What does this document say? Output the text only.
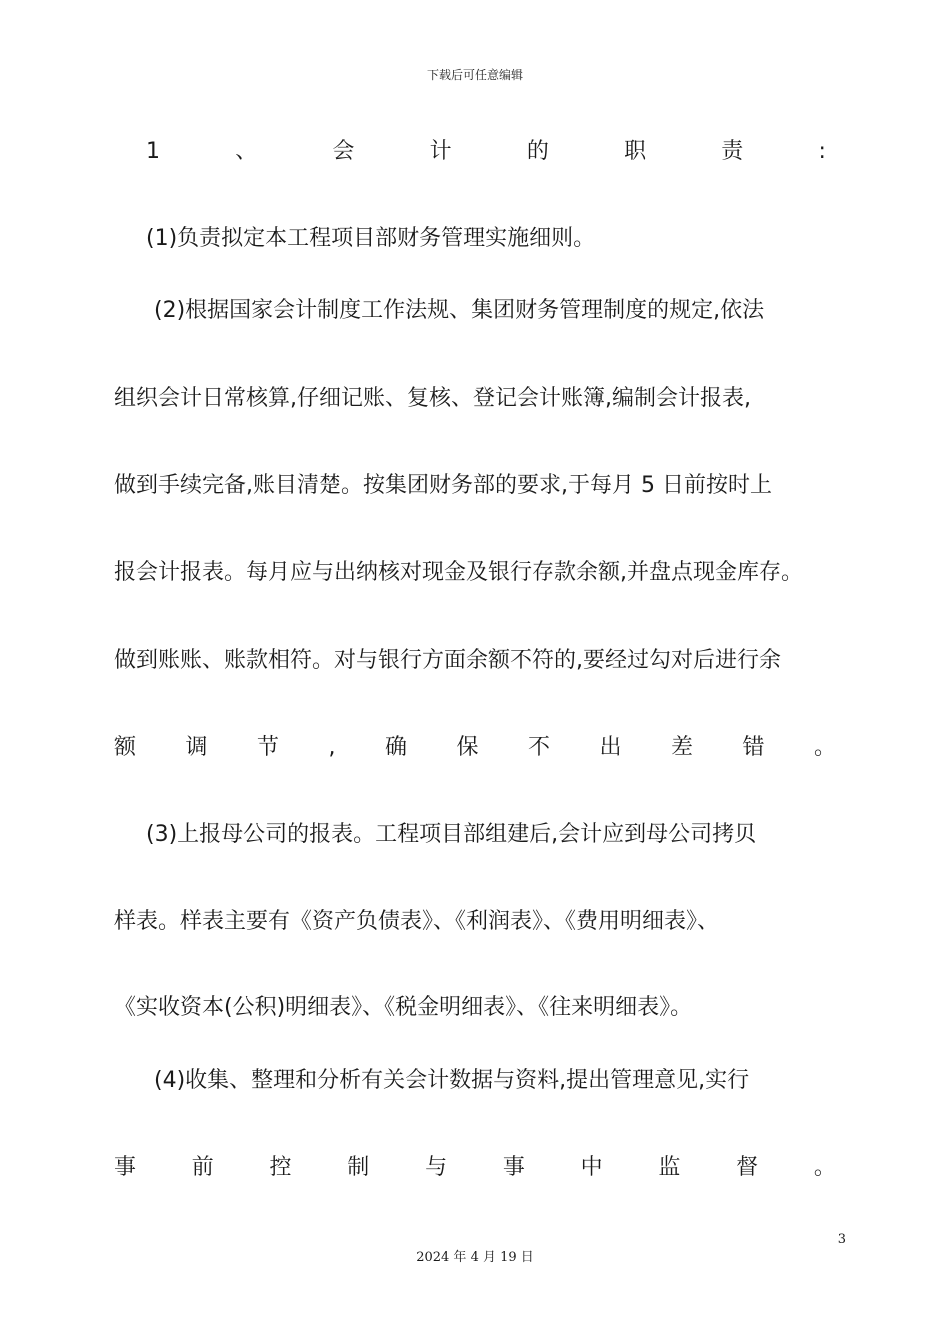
下载后可任意编辑
1	、	会	计	的	职	责	:
(1)负责拟定本工程项目部财务管理实施细则。
(2)根据国家会计制度工作法规、集团财务管理制度的规定,依法
组织会计日常核算,仔细记账、复核、登记会计账簿,编制会计报表,
做到手续完备,账目清楚。按集团财务部的要求,于每月 5 日前按时上
报会计报表。每月应与出纳核对现金及银行存款余额,并盘点现金库存。
做到账账、账款相符。对与银行方面余额不符的,要经过勾对后进行余
额 调 节 , 确 保 不 出 差 错 。
(3)上报母公司的报表。工程项目部组建后,会计应到母公司拷贝
样表。样表主要有《资产负债表》、《利润表》、《费用明细表》、
《实收资本(公积)明细表》、《税金明细表》、《往来明细表》。
(4)收集、整理和分析有关会计数据与资料,提出管理意见,实行
事	前	控	制	与	事	中	监	督	。
3
2024 年 4 月 19 日
